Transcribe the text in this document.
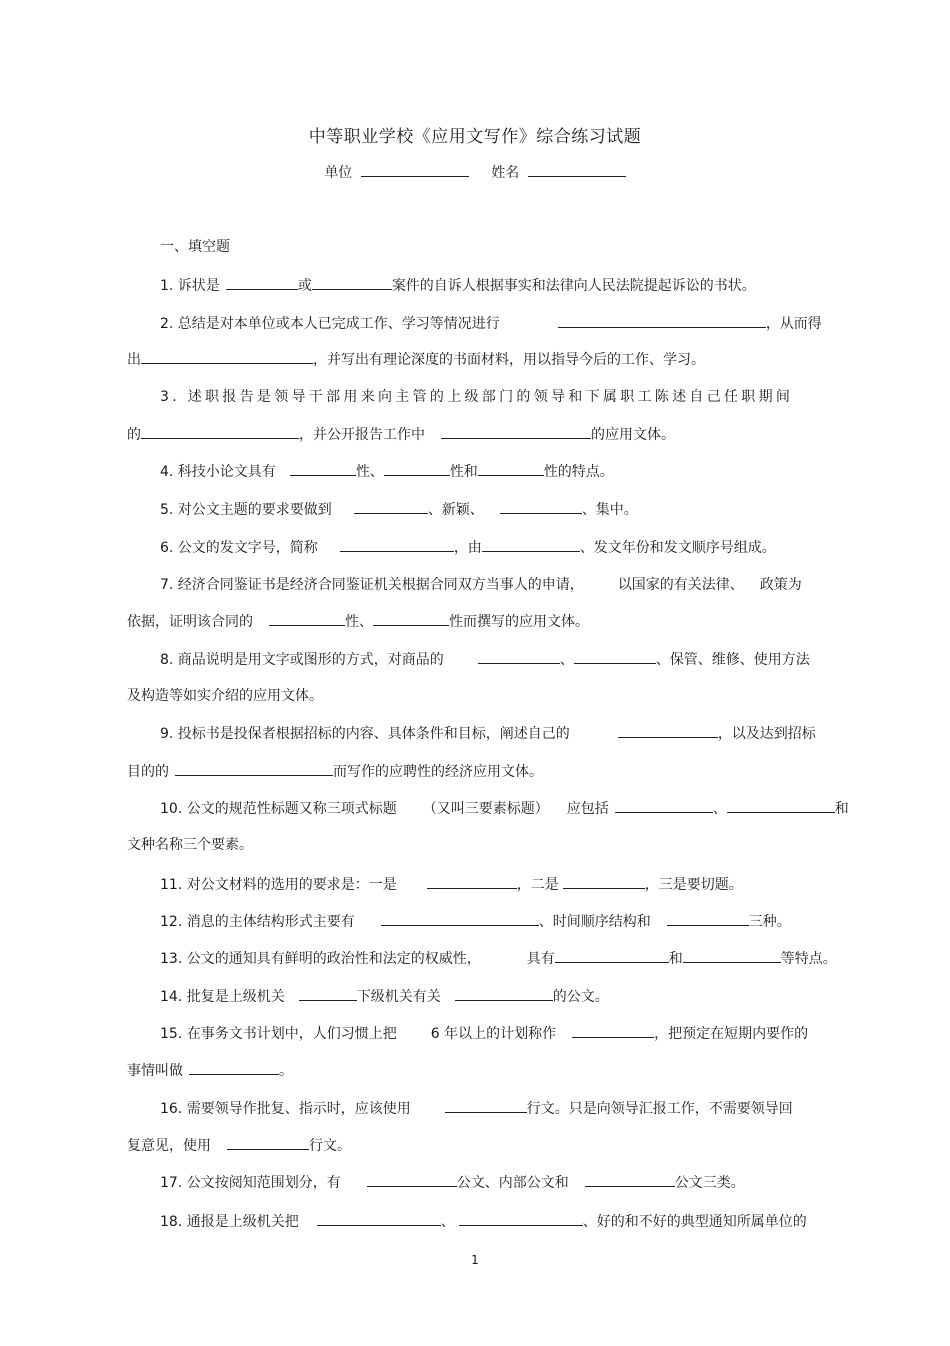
中等职业学校《应用文写作》综合练习试题
单位	姓名
一、填空题
1. 诉状是	或	案件的自诉人根据事实和法律向人民法院提起诉讼的书状。
2. 总结是对本单位或本人已完成工作、学习等情况进行	，从而得
出	，并写出有理论深度的书面材料，用以指导今后的工作、学习。
3. 述职报告是领导干部用来向主管的上级部门的领导和下属职工陈述自己任职期间
的	，并公开报告工作中	的应用文体。
4. 科技小论文具有	性、	性和	性的特点。
5. 对公文主题的要求要做到	、新颖、	、集中。
6. 公文的发文字号，简称	，由	、发文年份和发文顺序号组成。
7. 经济合同鉴证书是经济合同鉴证机关根据合同双方当事人的申请， 以国家的有关法律、 政策为
依据，证明该合同的	性、	性而撰写的应用文体。
8. 商品说明是用文字或图形的方式，对商品的	、	、保管、维修、使用方法
及构造等如实介绍的应用文体。
9. 投标书是投保者根据招标的内容、具体条件和目标，阐述自己的	，以及达到招标
目的的	而写作的应聘性的经济应用文体。
10. 公文的规范性标题又称三项式标题 （又叫三要素标题） 应包括	、	和
文种名称三个要素。
11. 对公文材料的选用的要求是：一是	，二是	，三是要切题。
12. 消息的主体结构形式主要有	、时间顺序结构和	三种。
13. 公文的通知具有鲜明的政治性和法定的权威性，	具有	和	等特点。
14. 批复是上级机关	下级机关有关	的公文。
15. 在事务文书计划中，人们习惯上把 6 年以上的计划称作	，把预定在短期内要作的
事情叫做	。
16. 需要领导作批复、指示时，应该使用	行文。只是向领导汇报工作，不需要领导回
复意见，使用	行文。
17. 公文按阅知范围划分，有	公文、内部公文和	公文三类。
18. 通报是上级机关把	、	、好的和不好的典型通知所属单位的
1
